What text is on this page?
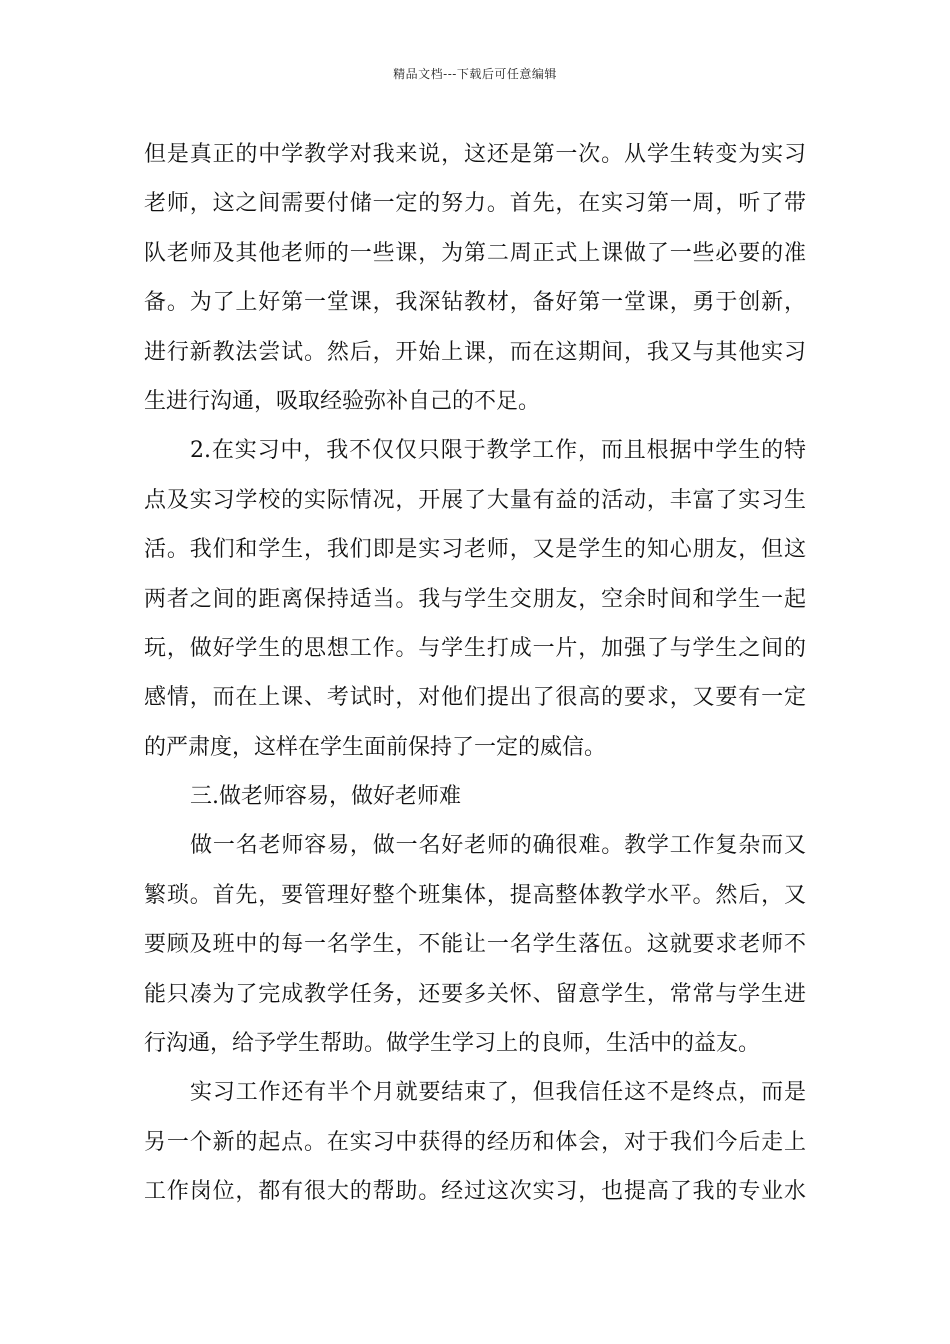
精品文档---下载后可任意编辑
但是真正的中学教学对我来说，这还是第一次。从学生转变为实习
老师，这之间需要付储一定的努力。首先，在实习第一周，听了带
队老师及其他老师的一些课，为第二周正式上课做了一些必要的准
备。为了上好第一堂课，我深钻教材，备好第一堂课，勇于创新，
进行新教法尝试。然后，开始上课，而在这期间，我又与其他实习
生进行沟通，吸取经验弥补自己的不足。
2.在实习中，我不仅仅只限于教学工作，而且根据中学生的特
点及实习学校的实际情况，开展了大量有益的活动，丰富了实习生
活。我们和学生，我们即是实习老师，又是学生的知心朋友，但这
两者之间的距离保持适当。我与学生交朋友，空余时间和学生一起
玩，做好学生的思想工作。与学生打成一片，加强了与学生之间的
感情，而在上课、考试时，对他们提出了很高的要求，又要有一定
的严肃度，这样在学生面前保持了一定的威信。
三.做老师容易，做好老师难
做一名老师容易，做一名好老师的确很难。教学工作复杂而又
繁琐。首先，要管理好整个班集体，提高整体教学水平。然后，又
要顾及班中的每一名学生，不能让一名学生落伍。这就要求老师不
能只凑为了完成教学任务，还要多关怀、留意学生，常常与学生进
行沟通，给予学生帮助。做学生学习上的良师，生活中的益友。
实习工作还有半个月就要结束了，但我信任这不是终点，而是
另一个新的起点。在实习中获得的经历和体会，对于我们今后走上
工作岗位，都有很大的帮助。经过这次实习，也提高了我的专业水
